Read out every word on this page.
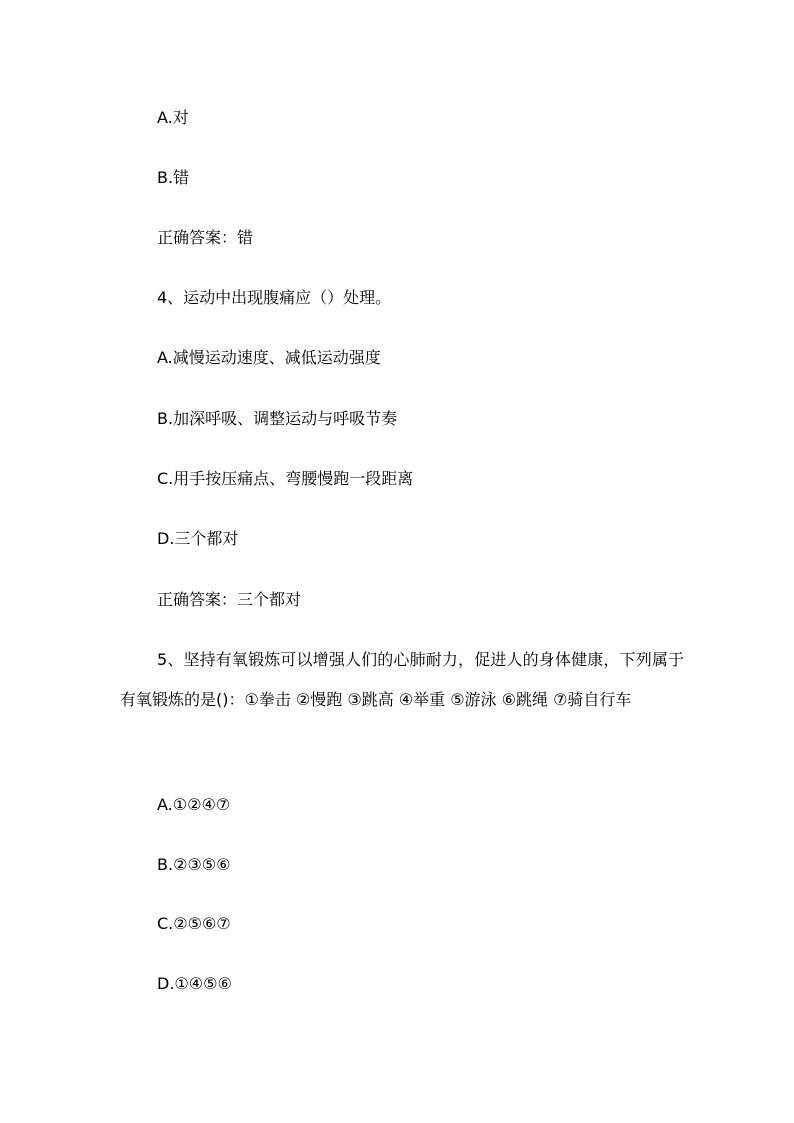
A.对
B.错
正确答案：错
4、运动中出现腹痛应（）处理。
A.减慢运动速度、减低运动强度
B.加深呼吸、调整运动与呼吸节奏
C.用手按压痛点、弯腰慢跑一段距离
D.三个都对
正确答案：三个都对
5、坚持有氧锻炼可以增强人们的心肺耐力，促进人的身体健康，下列属于有氧锻炼的是()：①拳击 ②慢跑 ③跳高 ④举重 ⑤游泳 ⑥跳绳 ⑦骑自行车
A.①②④⑦
B.②③⑤⑥
C.②⑤⑥⑦
D.①④⑤⑥
